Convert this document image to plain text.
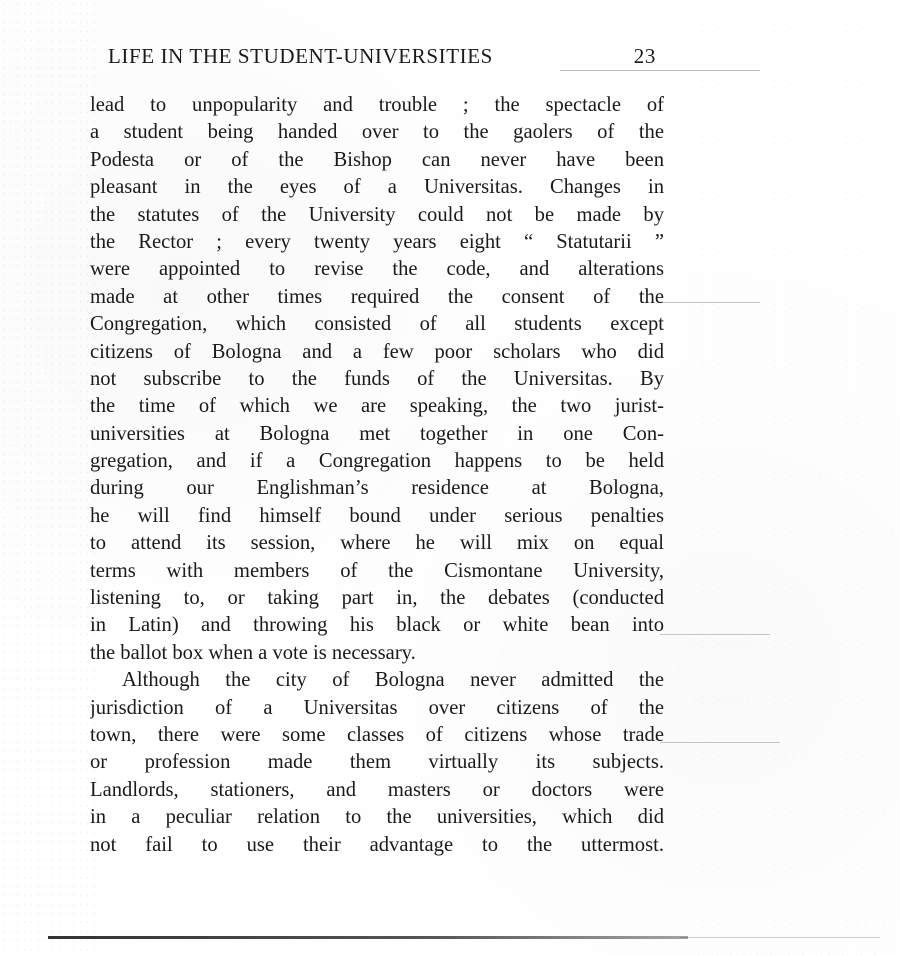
LIFE IN THE STUDENT-UNIVERSITIES	23
lead to unpopularity and trouble ; the spectacle of
a student being handed over to the gaolers of the
Podesta or of the Bishop can never have been
pleasant in the eyes of a Universitas. Changes in
the statutes of the University could not be made by
the Rector ; every twenty years eight “ Statutarii ”
were appointed to revise the code, and alterations
made at other times required the consent of the
Congregation, which consisted of all students except
citizens of Bologna and a few poor scholars who did
not subscribe to the funds of the Universitas. By
the time of which we are speaking, the two jurist-
universities at Bologna met together in one Con-
gregation, and if a Congregation happens to be held
during our Englishman’s residence at Bologna,
he will find himself bound under serious penalties
to attend its session, where he will mix on equal
terms with members of the Cismontane University,
listening to, or taking part in, the debates (conducted
in Latin) and throwing his black or white bean into
the ballot box when a vote is necessary.
Although the city of Bologna never admitted the
jurisdiction of a Universitas over citizens of the
town, there were some classes of citizens whose trade
or profession made them virtually its subjects.
Landlords, stationers, and masters or doctors were
in a peculiar relation to the universities, which did
not fail to use their advantage to the uttermost.
